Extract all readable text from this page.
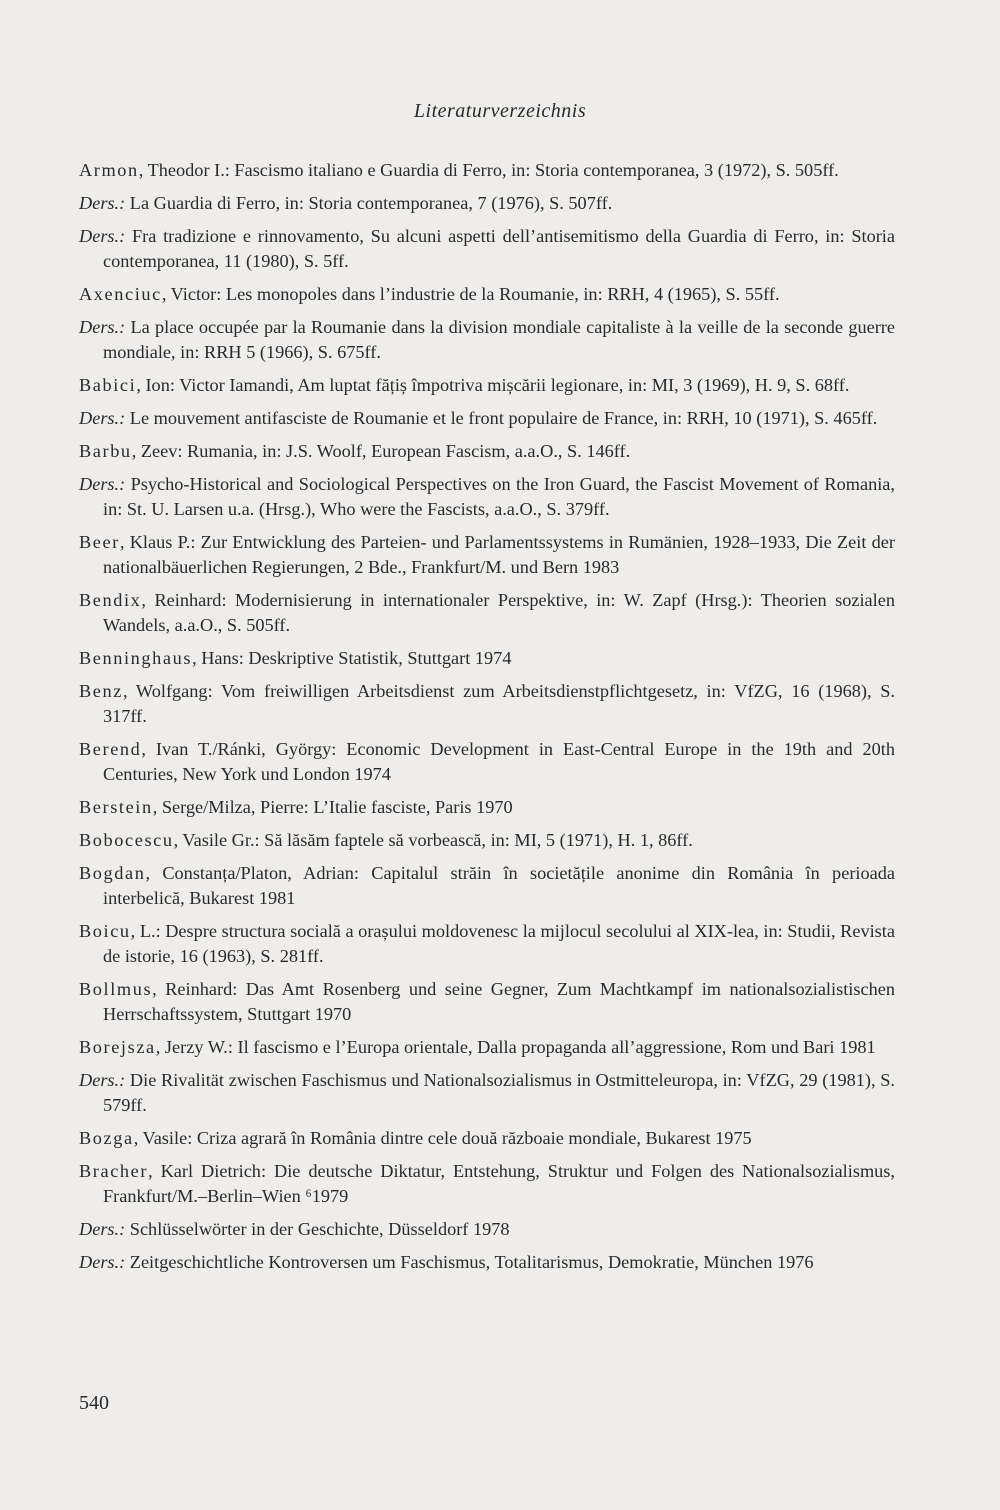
Literaturverzeichnis

Armon, Theodor I.: Fascismo italiano e Guardia di Ferro, in: Storia contemporanea, 3 (1972), S. 505ff.

Ders.: La Guardia di Ferro, in: Storia contemporanea, 7 (1976), S. 507ff.

Ders.: Fra tradizione e rinnovamento, Su alcuni aspetti dell’antisemitismo della Guardia di Ferro, in: Storia contemporanea, 11 (1980), S. 5ff.

Axenciuc, Victor: Les monopoles dans l’industrie de la Roumanie, in: RRH, 4 (1965), S. 55ff.

Ders.: La place occupée par la Roumanie dans la division mondiale capitaliste à la veille de la seconde guerre mondiale, in: RRH 5 (1966), S. 675ff.

Babici, Ion: Victor Iamandi, Am luptat fățiș împotriva mișcării legionare, in: MI, 3 (1969), H. 9, S. 68ff.

Ders.: Le mouvement antifasciste de Roumanie et le front populaire de France, in: RRH, 10 (1971), S. 465ff.

Barbu, Zeev: Rumania, in: J.S. Woolf, European Fascism, a.a.O., S. 146ff.

Ders.: Psycho-Historical and Sociological Perspectives on the Iron Guard, the Fascist Movement of Romania, in: St. U. Larsen u.a. (Hrsg.), Who were the Fascists, a.a.O., S. 379ff.

Beer, Klaus P.: Zur Entwicklung des Parteien- und Parlamentssystems in Rumänien, 1928–1933, Die Zeit der nationalbäuerlichen Regierungen, 2 Bde., Frankfurt/M. und Bern 1983

Bendix, Reinhard: Modernisierung in internationaler Perspektive, in: W. Zapf (Hrsg.): Theorien sozialen Wandels, a.a.O., S. 505ff.

Benninghaus, Hans: Deskriptive Statistik, Stuttgart 1974

Benz, Wolfgang: Vom freiwilligen Arbeitsdienst zum Arbeitsdienstpflichtgesetz, in: VfZG, 16 (1968), S. 317ff.

Berend, Ivan T./Ránki, György: Economic Development in East-Central Europe in the 19th and 20th Centuries, New York und London 1974

Berstein, Serge/Milza, Pierre: L’Italie fasciste, Paris 1970

Bobocescu, Vasile Gr.: Să lăsăm faptele să vorbească, in: MI, 5 (1971), H. 1, 86ff.

Bogdan, Constanța/Platon, Adrian: Capitalul străin în societățile anonime din România în perioada interbelică, Bukarest 1981

Boicu, L.: Despre structura socială a orașului moldovenesc la mijlocul secolului al XIX-lea, in: Studii, Revista de istorie, 16 (1963), S. 281ff.

Bollmus, Reinhard: Das Amt Rosenberg und seine Gegner, Zum Machtkampf im nationalsozialistischen Herrschaftssystem, Stuttgart 1970

Borejsza, Jerzy W.: Il fascismo e l’Europa orientale, Dalla propaganda all’aggressione, Rom und Bari 1981

Ders.: Die Rivalität zwischen Faschismus und Nationalsozialismus in Ostmitteleuropa, in: VfZG, 29 (1981), S. 579ff.

Bozga, Vasile: Criza agrară în România dintre cele două războaie mondiale, Bukarest 1975

Bracher, Karl Dietrich: Die deutsche Diktatur, Entstehung, Struktur und Folgen des Nationalsozialismus, Frankfurt/M.–Berlin–Wien ⁶1979

Ders.: Schlüsselwörter in der Geschichte, Düsseldorf 1978

Ders.: Zeitgeschichtliche Kontroversen um Faschismus, Totalitarismus, Demokratie, München 1976

540
